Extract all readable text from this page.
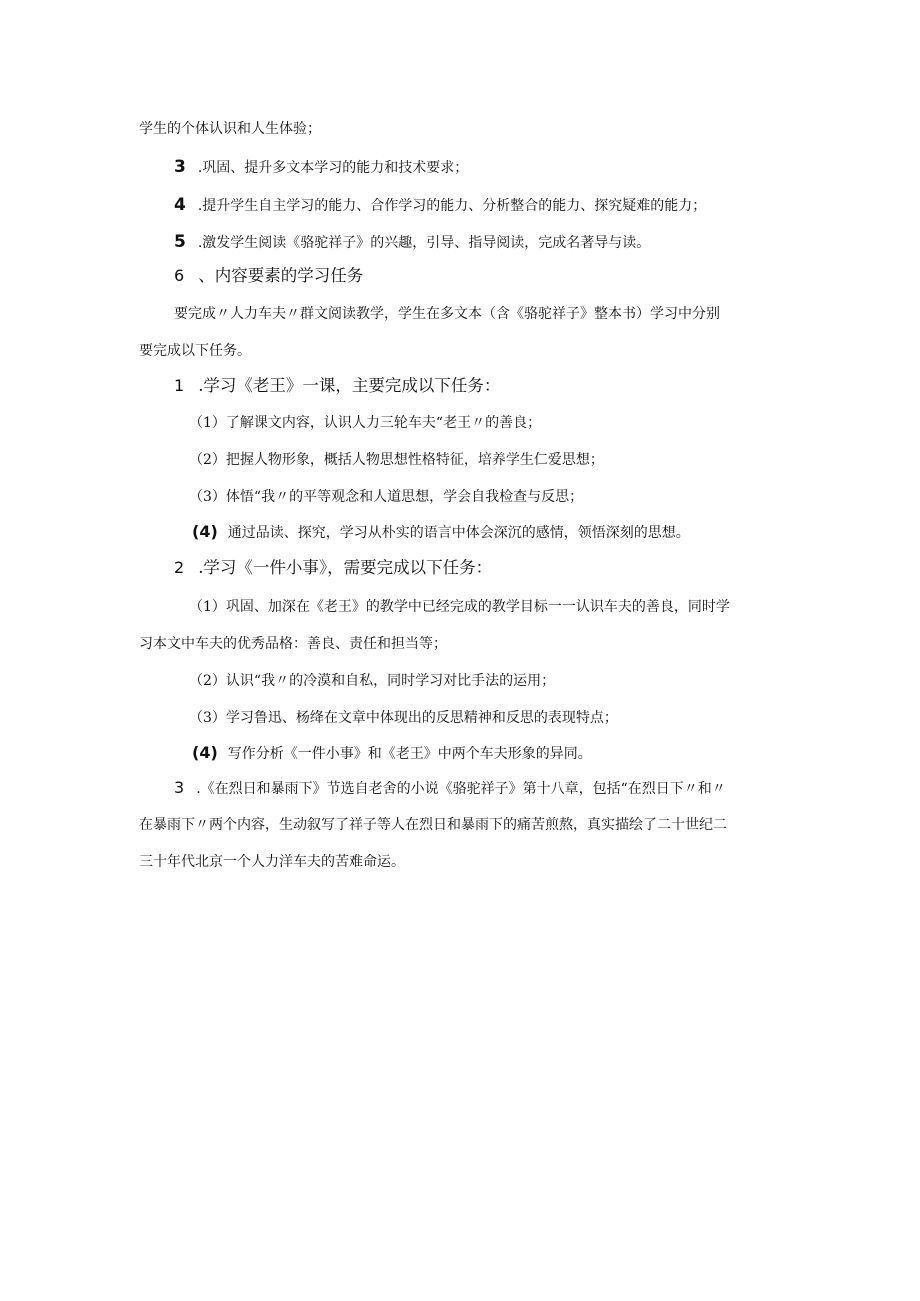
学生的个体认识和人生体验；
3 .巩固、提升多文本学习的能力和技术要求；
4 .提升学生自主学习的能力、合作学习的能力、分析整合的能力、探究疑难的能力；
5 .激发学生阅读《骆驼祥子》的兴趣，引导、指导阅读，完成名著导与读。
6 、内容要素的学习任务
要完成〃人力车夫〃群文阅读教学，学生在多文本（含《骆驼祥子》整本书）学习中分别
要完成以下任务。
1 .学习《老王》一课，主要完成以下任务：
（1）了解课文内容，认识人力三轮车夫“老王〃的善良；
（2）把握人物形象，概括人物思想性格特征，培养学生仁爱思想；
（3）体悟“我〃的平等观念和人道思想，学会自我检查与反思；
(4) 通过品读、探究，学习从朴实的语言中体会深沉的感情，领悟深刻的思想。
2 .学习《一件小事》，需要完成以下任务：
（1）巩固、加深在《老王》的教学中已经完成的教学目标一一认识车夫的善良，同时学
习本文中车夫的优秀品格：善良、责任和担当等；
（2）认识“我〃的冷漠和自私，同时学习对比手法的运用；
（3）学习鲁迅、杨绛在文章中体现出的反思精神和反思的表现特点；
(4) 写作分析《一件小事》和《老王》中两个车夫形象的异同。
3 .《在烈日和暴雨下》节选自老舍的小说《骆驼祥子》第十八章，包括“在烈日下〃和〃
在暴雨下〃两个内容，生动叙写了祥子等人在烈日和暴雨下的痛苦煎熬，真实描绘了二十世纪二
三十年代北京一个人力洋车夫的苦难命运。
